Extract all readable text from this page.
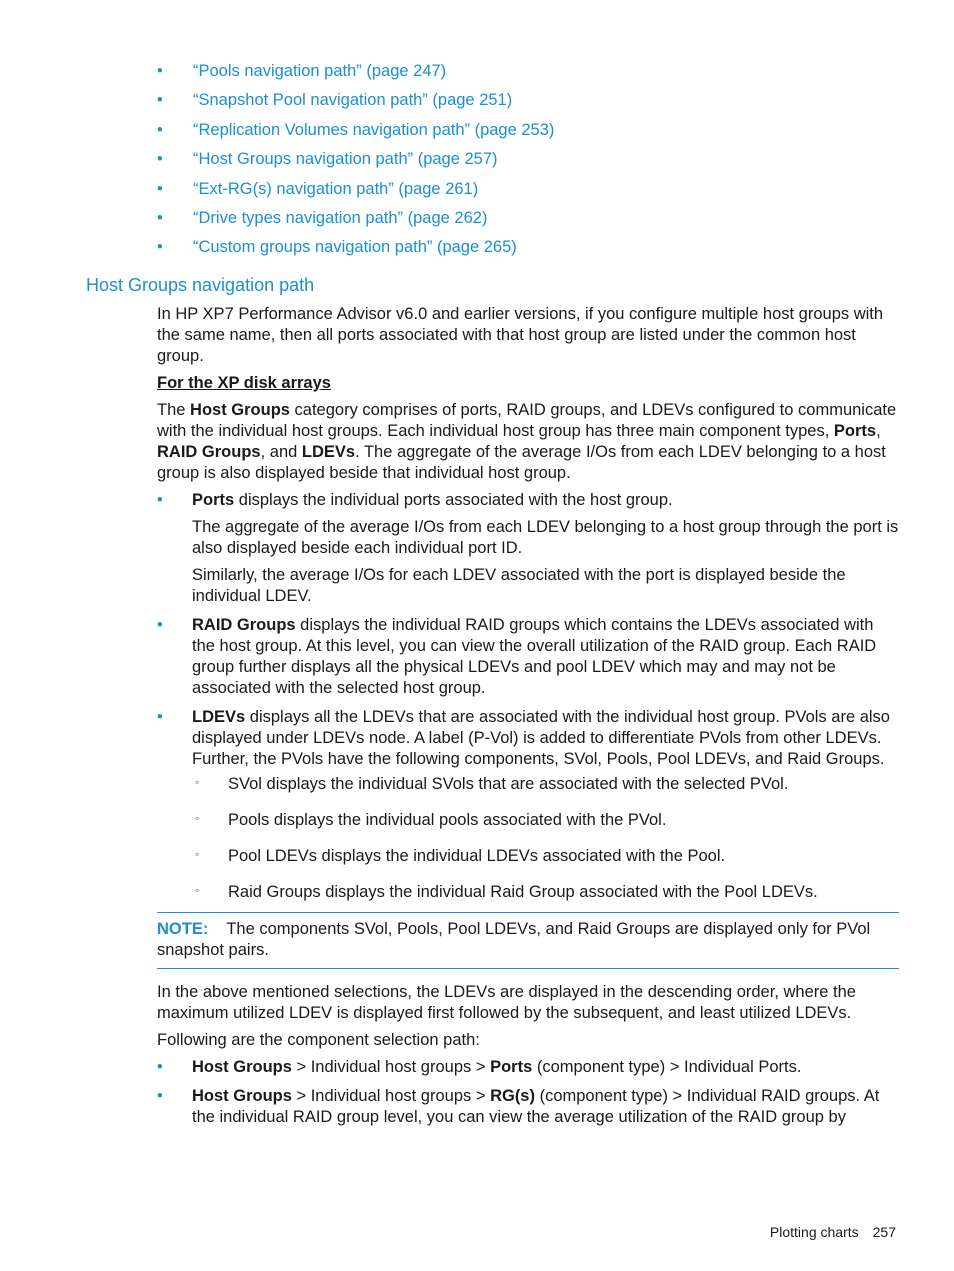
• “Pools navigation path” (page 247)
• “Snapshot Pool navigation path” (page 251)
• “Replication Volumes navigation path” (page 253)
• “Host Groups navigation path” (page 257)
• “Ext-RG(s) navigation path” (page 261)
• “Drive types navigation path” (page 262)
• “Custom groups navigation path” (page 265)
Host Groups navigation path

In HP XP7 Performance Advisor v6.0 and earlier versions, if you configure multiple host groups with the same name, then all ports associated with that host group are listed under the common host group.

For the XP disk arrays

The Host Groups category comprises of ports, RAID groups, and LDEVs configured to communicate with the individual host groups. Each individual host group has three main component types, Ports, RAID Groups, and LDEVs. The aggregate of the average I/Os from each LDEV belonging to a host group is also displayed beside that individual host group.

• Ports displays the individual ports associated with the host group.

The aggregate of the average I/Os from each LDEV belonging to a host group through the port is also displayed beside each individual port ID.

Similarly, the average I/Os for each LDEV associated with the port is displayed beside the individual LDEV.

• RAID Groups displays the individual RAID groups which contains the LDEVs associated with the host group. At this level, you can view the overall utilization of the RAID group. Each RAID group further displays all the physical LDEVs and pool LDEV which may and may not be associated with the selected host group.

• LDEVs displays all the LDEVs that are associated with the individual host group. PVols are also displayed under LDEVs node. A label (P-Vol) is added to differentiate PVols from other LDEVs. Further, the PVols have the following components, SVol, Pools, Pool LDEVs, and Raid Groups.

◦ SVol displays the individual SVols that are associated with the selected PVol.

◦ Pools displays the individual pools associated with the PVol.

◦ Pool LDEVs displays the individual LDEVs associated with the Pool.

◦ Raid Groups displays the individual Raid Group associated with the Pool LDEVs.

NOTE: The components SVol, Pools, Pool LDEVs, and Raid Groups are displayed only for PVol snapshot pairs.

In the above mentioned selections, the LDEVs are displayed in the descending order, where the maximum utilized LDEV is displayed first followed by the subsequent, and least utilized LDEVs.

Following are the component selection path:

• Host Groups > Individual host groups > Ports (component type) > Individual Ports.
• Host Groups > Individual host groups > RG(s) (component type) > Individual RAID groups. At the individual RAID group level, you can view the average utilization of the RAID group by
Plotting charts 257
